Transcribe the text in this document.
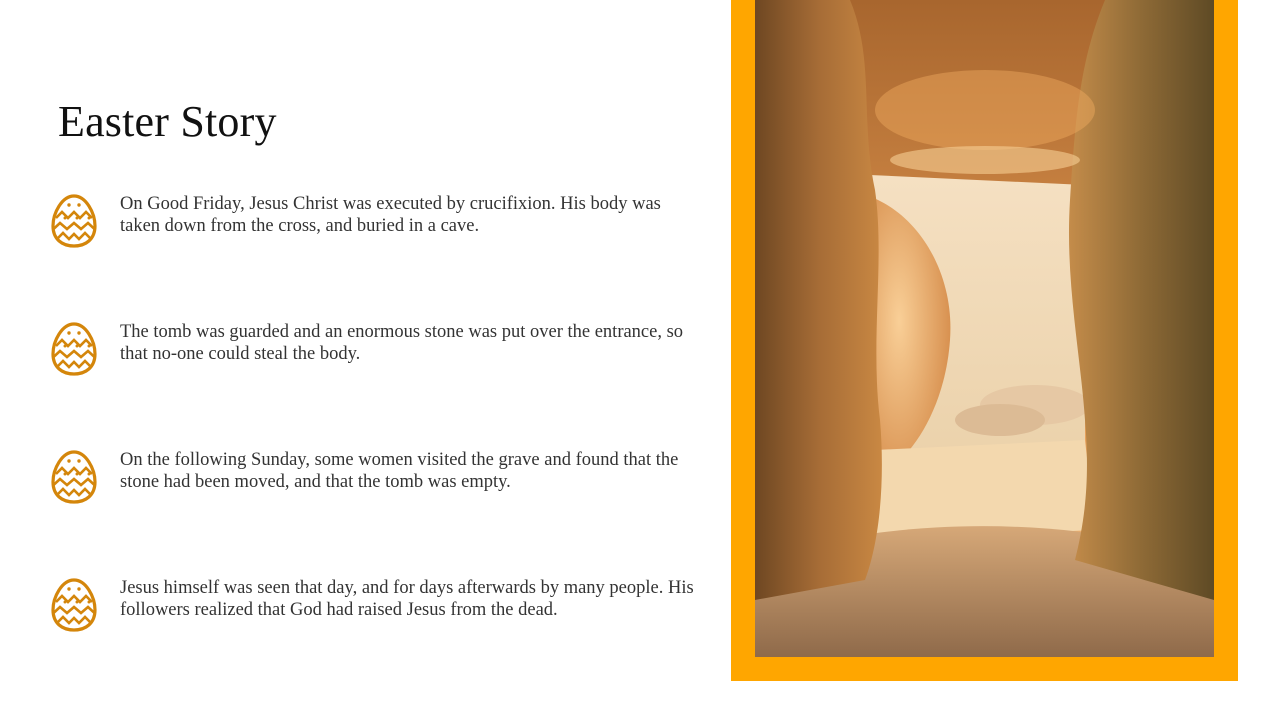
Easter Story
On Good Friday, Jesus Christ was executed by crucifixion. His body was taken down from the cross, and buried in a cave.
The tomb was guarded and an enormous stone was put over the entrance, so that no-one could steal the body.
On the following Sunday, some women visited the grave and found that the stone had been moved, and that the tomb was empty.
Jesus himself was seen that day, and for days afterwards by many people. His followers realized that God had raised Jesus from the dead.
